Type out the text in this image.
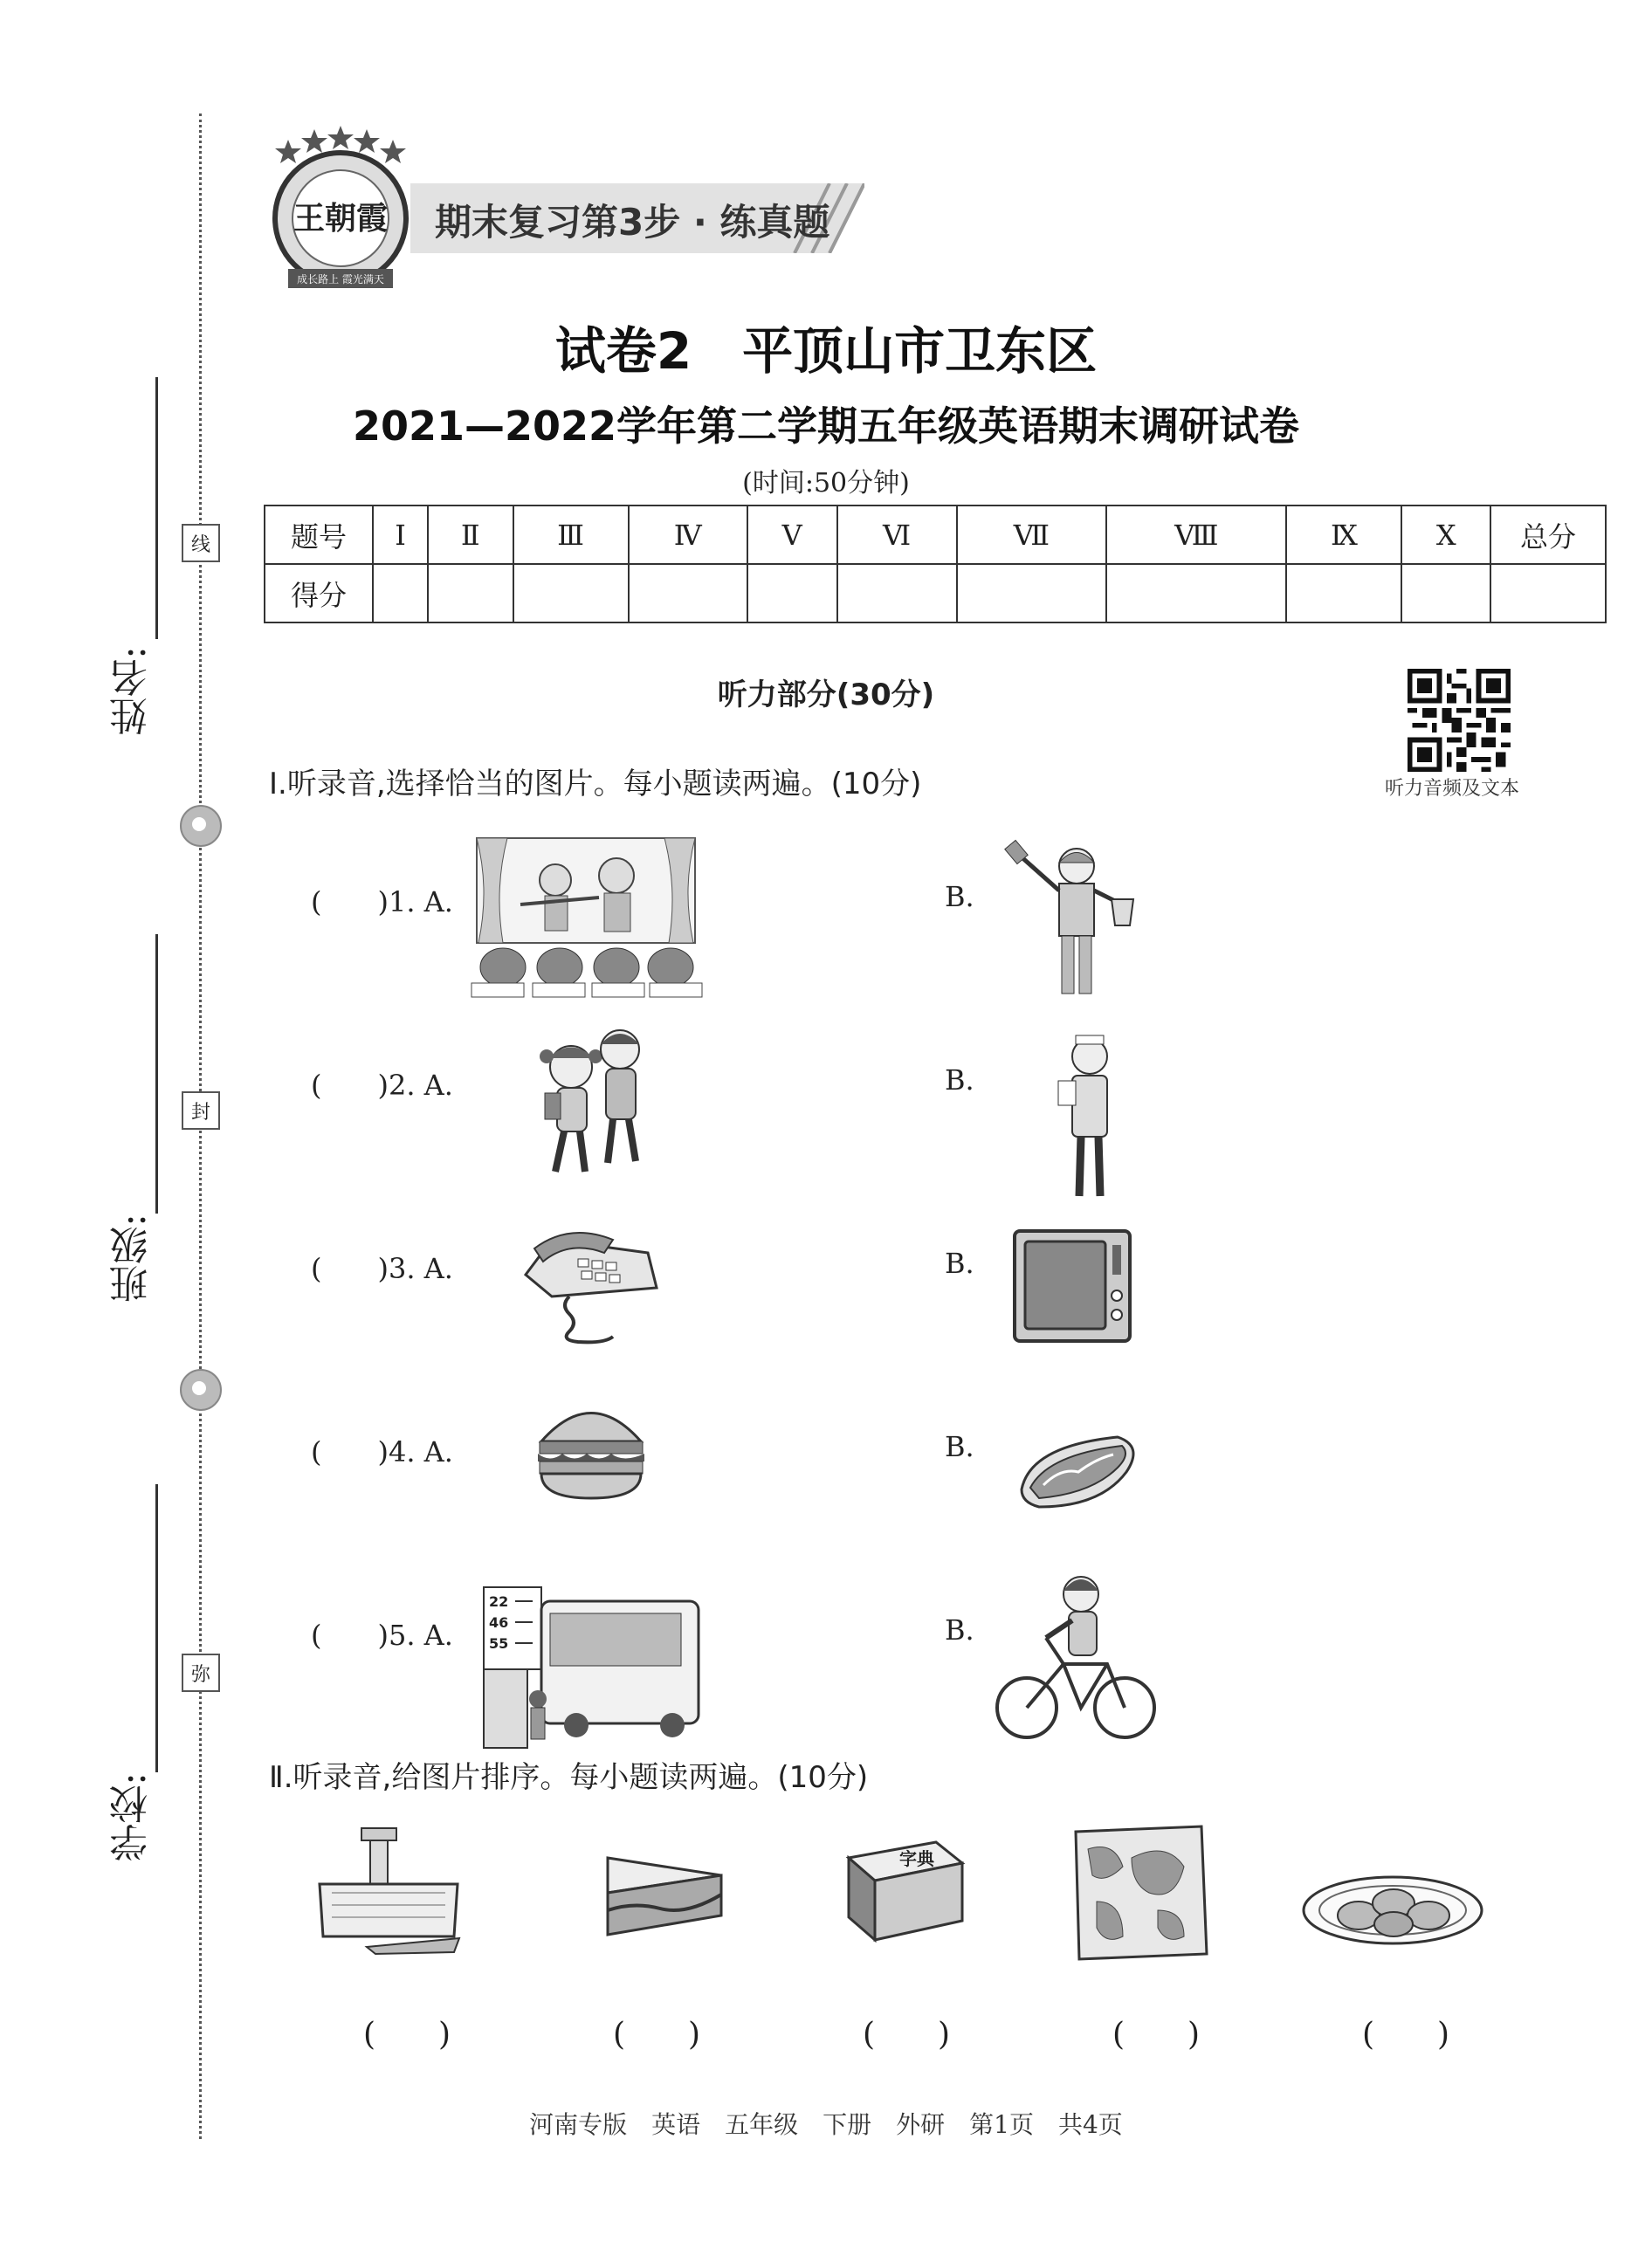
线
封
弥
姓名:
班级:
学校:
王朝霞
成长路上 霞光满天
期末复习第3步 · 练真题
试卷2　平顶山市卫东区
2021—2022学年第二学期五年级英语期末调研试卷
(时间:50分钟)
题号	Ⅰ	Ⅱ	Ⅲ	Ⅳ	Ⅴ	Ⅵ	Ⅶ	Ⅷ	Ⅸ	Ⅹ	总分
得分											
听力部分(30分)
听力音频及文本
Ⅰ.听录音,选择恰当的图片。每小题读两遍。(10分)
(　　)1. A.	B.
(　　)2. A.	B.
(　　)3. A.	B.
(　　)4. A.	B.
(　　)5. A.	B.
22
46
55
Ⅱ.听录音,给图片排序。每小题读两遍。(10分)
字典
(　　)	(　　)	(　　)	(　　)	(　　)
河南专版　英语　五年级　下册　外研　第1页　共4页
